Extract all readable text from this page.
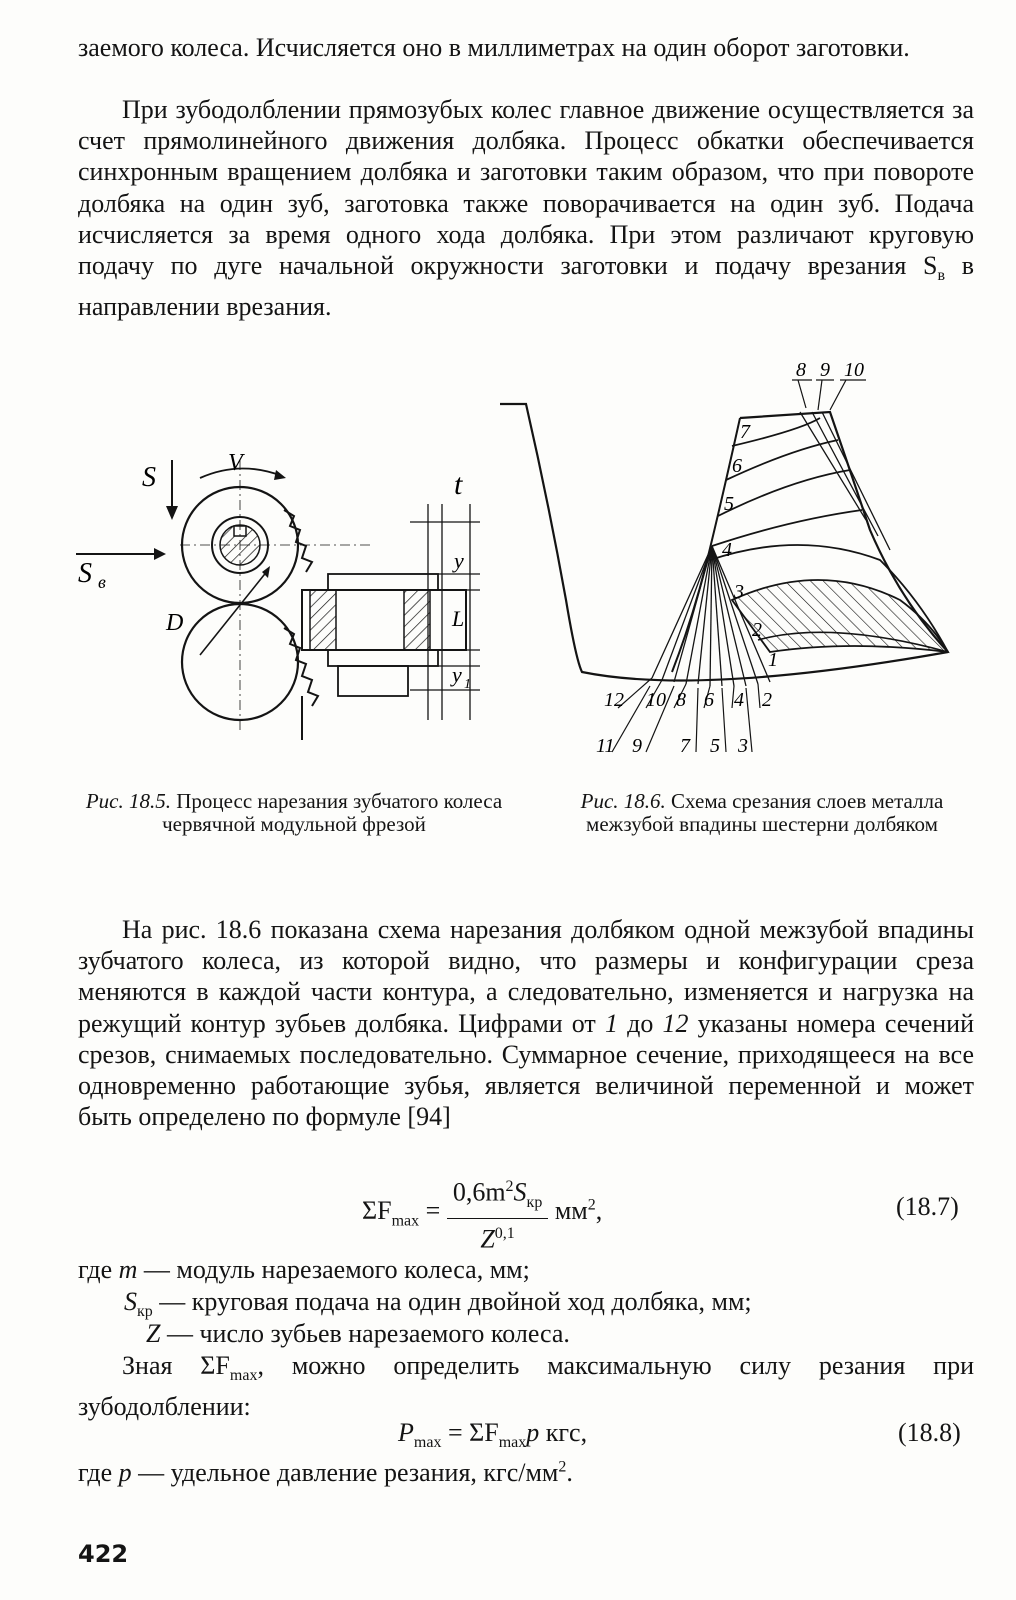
заемого колеса. Исчисляется оно в миллиметрах на один оборот заготовки.

При зубодолблении прямозубых колес главное движение осуществляется за счет прямолинейного движения долбяка. Процесс обкатки обеспечивается синхронным вращением долбяка и заготовки таким образом, что при повороте долбяка на один зуб, заготовка также поворачивается на один зуб. Подача исчисляется за время одного хода долбяка. При этом различают круговую подачу по дуге начальной окружности заготовки и подачу врезания $S_в$ в направлении врезания.

S	V
S в
D
t
y
L
y 1
8 9 10
7
6
5
4
3
2
1
12 10 8 6 4 2
11 9 7 5 3
Рис. 18.5. Процесс нарезания зубчатого колеса червячной модульной фрезой
Рис. 18.6. Схема срезания слоев металла межзубой впадины шестерни долбяком

На рис. 18.6 показана схема нарезания долбяком одной межзубой впадины зубчатого колеса, из которой видно, что размеры и конфигурации среза меняются в каждой части контура, а следовательно, изменяется и нагрузка на режущий контур зубьев долбяка. Цифрами от 1 до 12 указаны номера сечений срезов, снимаемых последовательно. Суммарное сечение, приходящееся на все одновременно работающие зубья, является величиной переменной и может быть определено по формуле [94]

$\Sigma F_{max} = \frac{0,6m^2S_{кр}}{Z^{0,1}} мм^2$,	(18.7)
где m — модуль нарезаемого колеса, мм;
$S_{кр}$ — круговая подача на один двойной ход долбяка, мм;
Z — число зубьев нарезаемого колеса.

Зная $\Sigma F_{max}$, можно определить максимальную силу резания при зубодолблении:

$P_{max} = \Sigma F_{max}p$ кгс,	(18.8)
где p — удельное давление резания, кгс/$мм^2$.
422
